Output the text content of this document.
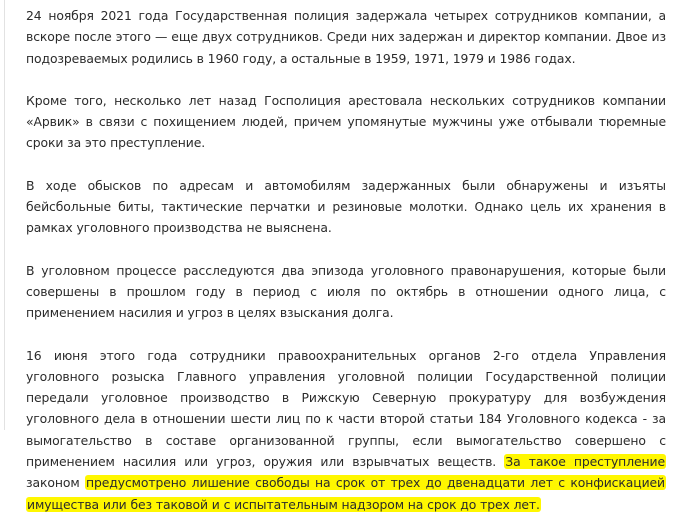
24 ноября 2021 года Государственная полиция задержала четырех сотрудников компании, а вскоре после этого — еще двух сотрудников. Среди них задержан и директор компании. Двое из подозреваемых родились в 1960 году, а остальные в 1959, 1971, 1979 и 1986 годах.

Кроме того, несколько лет назад Госполиция арестовала нескольких сотрудников компании «Арвик» в связи с похищением людей, причем упомянутые мужчины уже отбывали тюремные сроки за это преступление.

В ходе обысков по адресам и автомобилям задержанных были обнаружены и изъяты бейсбольные биты, тактические перчатки и резиновые молотки. Однако цель их хранения в рамках уголовного производства не выяснена.

В уголовном процессе расследуются два эпизода уголовного правонарушения, которые были совершены в прошлом году в период с июля по октябрь в отношении одного лица, с применением насилия и угроз в целях взыскания долга.

16 июня этого года сотрудники правоохранительных органов 2-го отдела Управления уголовного розыска Главного управления уголовной полиции Государственной полиции передали уголовное производство в Рижскую Северную прокуратуру для возбуждения уголовного дела в отношении шести лиц по к части второй статьи 184 Уголовного кодекса - за вымогательство в составе организованной группы, если вымогательство совершено с применением насилия или угроз, оружия или взрывчатых веществ. За такое преступление законом предусмотрено лишение свободы на срок от трех до двенадцати лет с конфискацией имущества или без таковой и с испытательным надзором на срок до трех лет.
